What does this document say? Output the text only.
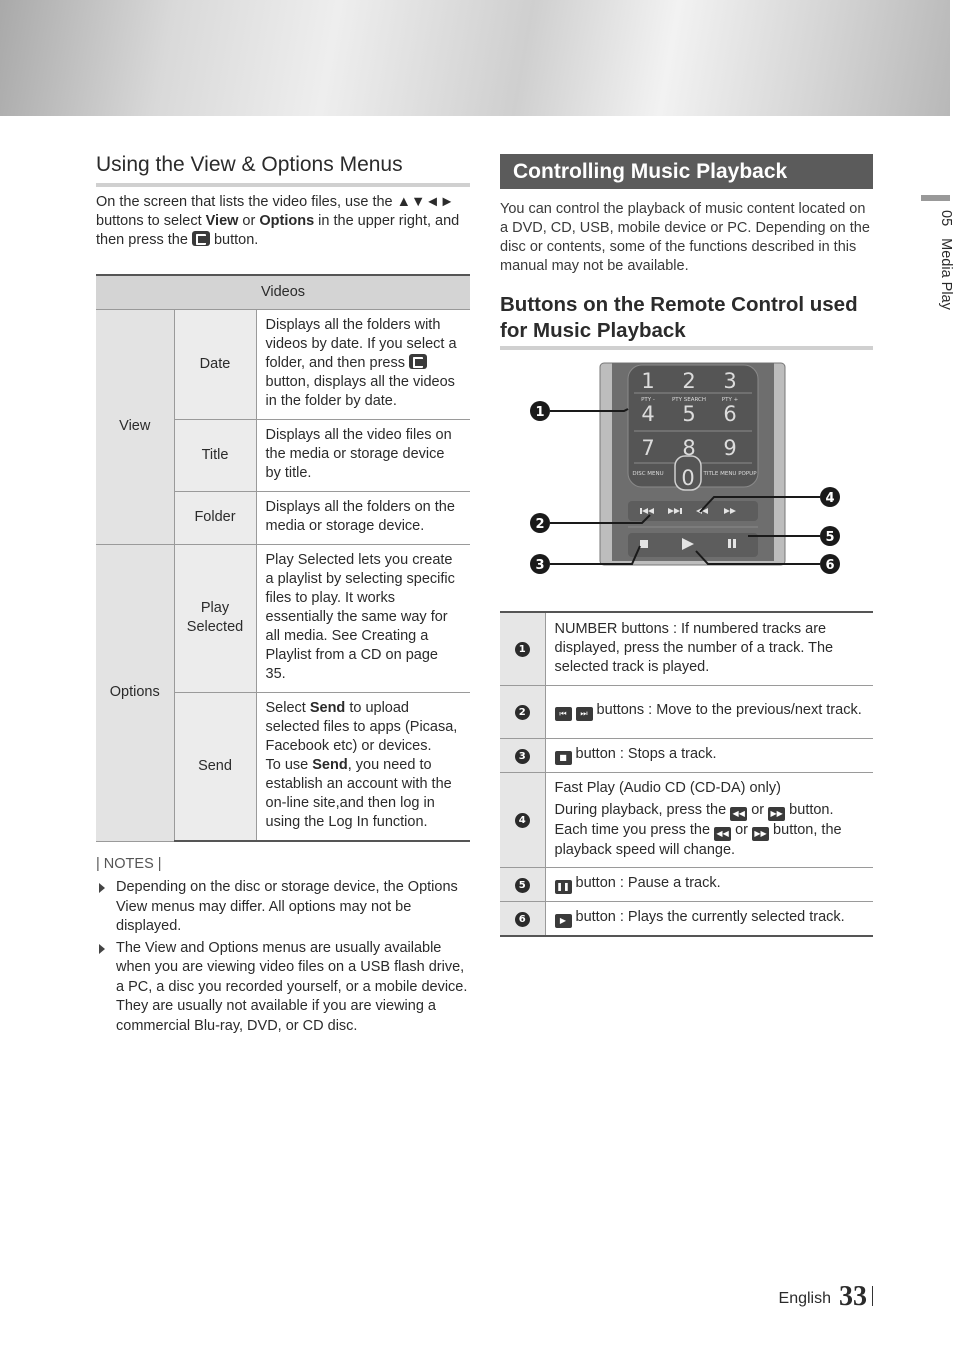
Using the View & Options Menus

On the screen that lists the video files, use the ▲▼◄► buttons to select View or Options in the upper right, and then press the  button.

Videos		
View	Date	Displays all the folders with videos by date. If you select a folder, and then press  button, displays all the videos in the folder by date.
	Title	Displays all the video files on the media or storage device by title.
	Folder	Displays all the folders on the media or storage device.
Options	Play Selected	Play Selected lets you create a playlist by selecting specific files to play. It works essentially the same way for all media. See Creating a Playlist from a CD on page 35.
	Send	Select Send to upload selected files to apps (Picasa, Facebook etc) or devices.
To use Send, you need to establish an account with the on-line site,and then log in using the Log In function.
| NOTES |
Depending on the disc or storage device, the Options View menus may differ. All options may not be displayed.
The View and Options menus are usually available when you are viewing video files on a USB flash drive, a PC, a disc you recorded yourself, or a mobile device. They are usually not available if you are viewing a commercial Blu-ray, DVD, or CD disc.
Controlling Music Playback

You can control the playback of music content located on a DVD, CD, USB, mobile device or PC. Depending on the disc or contents, some of the functions described in this manual may not be available.

Buttons on the Remote Control used for Music Playback
1 2 3
4 5 6
7 8 9
0
PTY -	PTY SEARCH	PTY +
DISC MENU	TITLE MENU POPUP
1
2
3
4
5
6
1	NUMBER buttons : If numbered tracks are displayed, press the number of a track. The selected track is played.
2	⏮ ⏭ buttons : Move to the previous/next track.
3	■ button : Stops a track.
4	Fast Play (Audio CD (CD-DA) only)
During playback, press the ◀◀ or ▶▶ button.
Each time you press the ◀◀ or ▶▶ button, the playback speed will change.

5	❚❚ button : Pause a track.
6	▶ button : Plays the currently selected track.
05Media Play
English 33
